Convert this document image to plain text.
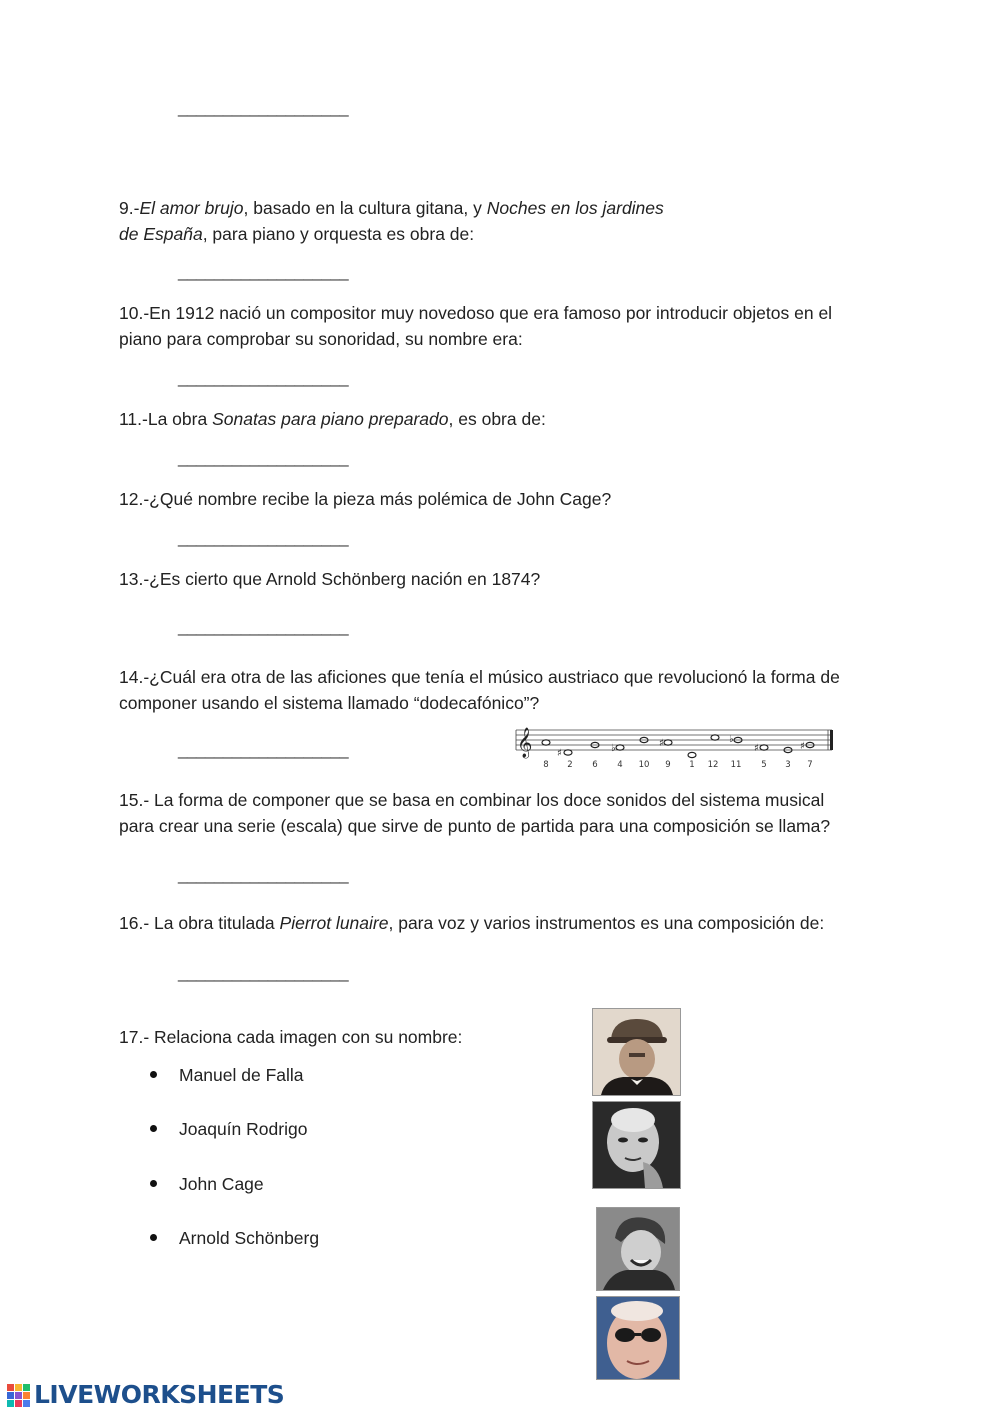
___________________
9.-El amor brujo, basado en la cultura gitana, y Noches en los jardines
de España, para piano y orquesta es obra de:
___________________
10.-En 1912 nació un compositor muy novedoso que era famoso por introducir objetos en el
piano para comprobar su sonoridad, su nombre era:
___________________
11.-La obra Sonatas para piano preparado, es obra de:
___________________
12.-¿Qué nombre recibe la pieza más polémica de John Cage?
___________________
13.-¿Es cierto que Arnold Schönberg nación en 1874?
___________________
14.-¿Cuál era otra de las aficiones que tenía el músico austriaco que revolucionó la forma de
componer usando el sistema llamado “dodecafónico”?
___________________	𝄞 ♯	♭	♯	♭
♯	♯
8 2 6 4 10 9 1 12 11 5 3 7
15.- La forma de componer que se basa en combinar los doce sonidos del sistema musical
para crear una serie (escala) que sirve de punto de partida para una composición se llama?
___________________
16.- La obra titulada Pierrot lunaire, para voz y varios instrumentos es una composición de:
___________________
17.- Relaciona cada imagen con su nombre:
Manuel de Falla
Joaquín Rodrigo
John Cage
Arnold Schönberg
LIVEWORKSHEETS
